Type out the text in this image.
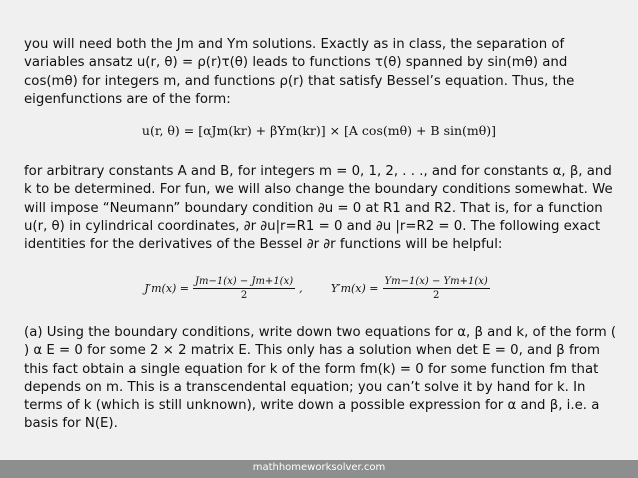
you will need both the Jm and Ym solutions. Exactly as in class, the separation of variables ansatz u(r, θ) = ρ(r)τ(θ) leads to functions τ(θ) spanned by sin(mθ) and cos(mθ) for integers m, and functions ρ(r) that satisfy Bessel’s equation. Thus, the eigenfunctions are of the form:

u(r, θ) = [αJm(kr) + βYm(kr)] × [A cos(mθ) + B sin(mθ)]

for arbitrary constants A and B, for integers m = 0, 1, 2, . . ., and for constants α, β, and k to be determined. For fun, we will also change the boundary conditions somewhat. We will impose “Neumann” boundary condition ∂u = 0 at R1 and R2. That is, for a function u(r, θ) in cylindrical coordinates, ∂r ∂u|r=R1 = 0 and ∂u |r=R2 = 0. The following exact identities for the derivatives of the Bessel ∂r ∂r functions will be helpful:

$J'm(x) = \frac{Jm-1(x) - Jm+1(x)}{2}$ ,
	$Y'm(x) = \frac{Ym-1(x) - Ym+1(x)}{2}$

(a) Using the boundary conditions, write down two equations for α, β and k, of the form ( ) α E = 0 for some 2 × 2 matrix E. This only has a solution when det E = 0, and β from this fact obtain a single equation for k of the form fm(k) = 0 for some function fm that depends on m. This is a transcendental equation; you can’t solve it by hand for k. In terms of k (which is still unknown), write down a possible expression for α and β, i.e. a basis for N(E).

mathhomeworksolver.com
